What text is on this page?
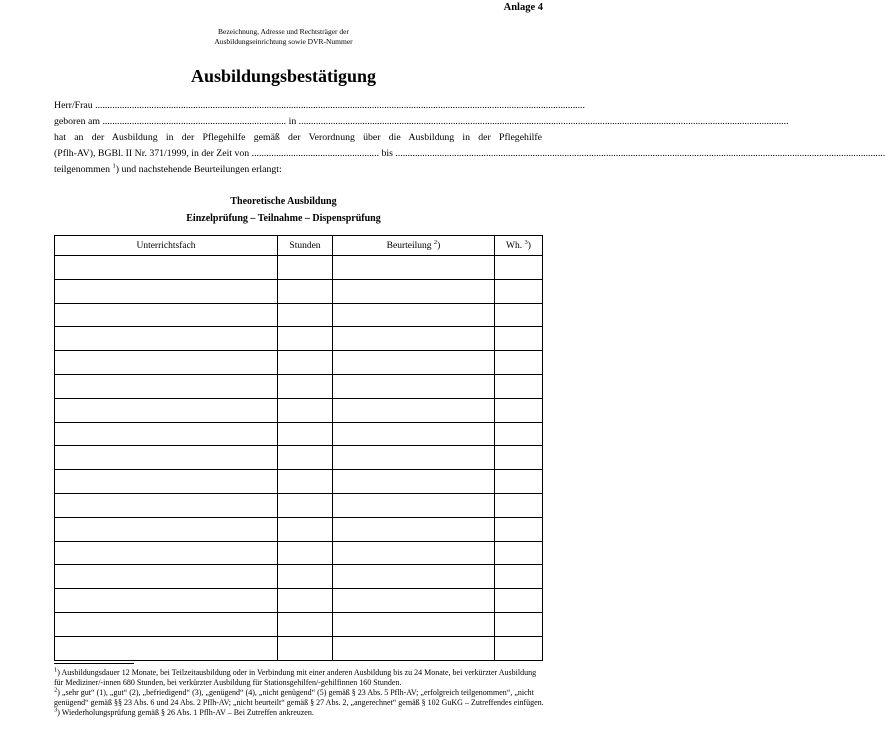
Anlage 4
Bezeichnung, Adresse und Rechtsträger der
Ausbildungseinrichtung sowie DVR-Nummer
Ausbildungsbestätigung
Herr/Frau ........................................................................................................................................................................................................
geboren am ........................................................................... in ........................................................................................................................................................................................................
hat an der Ausbildung in der Pflegehilfe gemäß der Verordnung über die Ausbildung in der Pflegehilfe
(Pflh-AV), BGBl. II Nr. 371/1999, in der Zeit von .................................................... bis ........................................................................................................................................................................................................
teilgenommen $^1$) und nachstehende Beurteilungen erlangt:
Theoretische Ausbildung
Einzelprüfung – Teilnahme – Dispensprüfung
Unterrichtsfach	Stunden	Beurteilung $^2$)	Wh. $^3$)

$^1$) Ausbildungsdauer 12 Monate, bei Teilzeitausbildung oder in Verbindung mit einer anderen Ausbildung bis zu 24 Monate, bei verkürzter Ausbildung für Mediziner/-innen 680 Stunden, bei verkürzter Ausbildung für Stationsgehilfen/-gehilfinnen 160 Stunden.

$^2$) „sehr gut“ (1), „gut“ (2), „befriedigend“ (3), „genügend“ (4), „nicht genügend“ (5) gemäß § 23 Abs. 5 Pflh-AV; „erfolgreich teilgenommen“, „nicht genügend“ gemäß §§ 23 Abs. 6 und 24 Abs. 2 Pflh-AV; „nicht beurteilt“ gemäß § 27 Abs. 2, „angerechnet“ gemäß § 102 GuKG – Zutreffendes einfügen.

$^3$) Wiederholungsprüfung gemäß § 26 Abs. 1 Pflh-AV – Bei Zutreffen ankreuzen.
